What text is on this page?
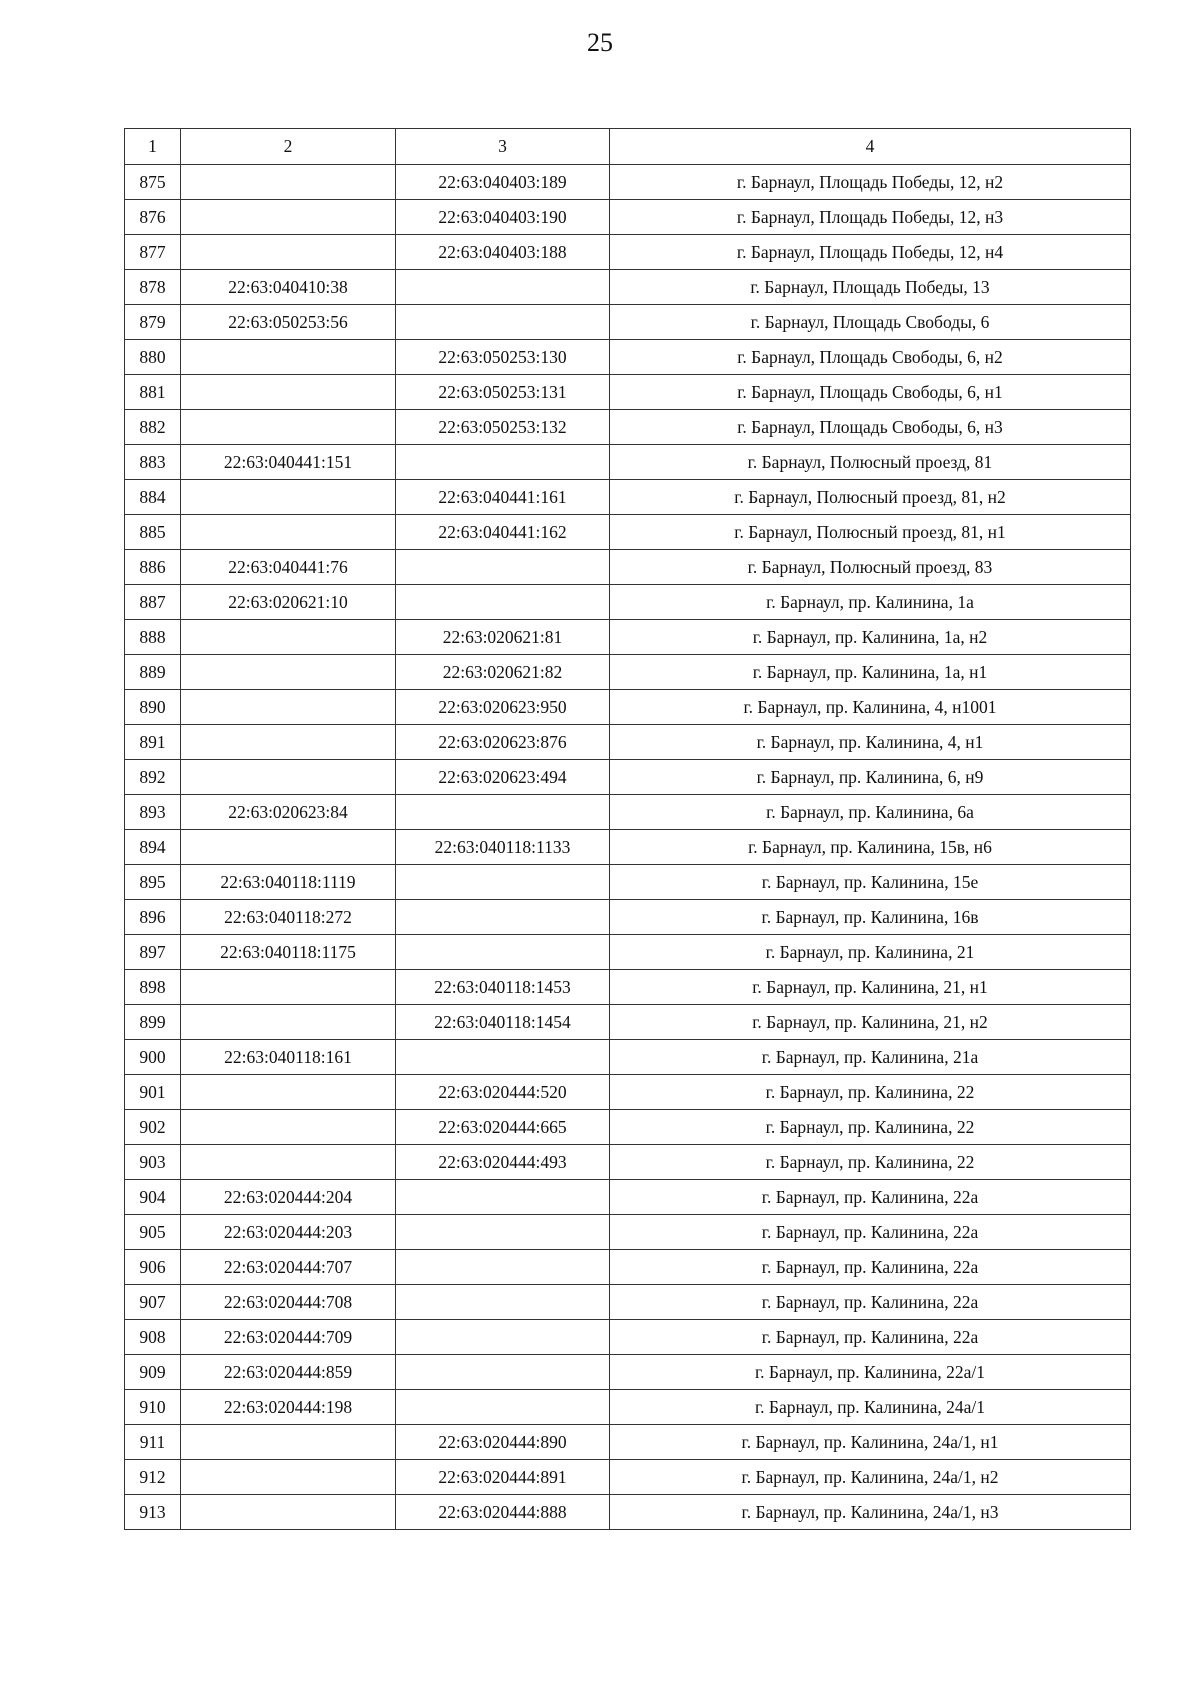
25
1	2	3	4
875		22:63:040403:189	г. Барнаул, Площадь Победы, 12, н2
876		22:63:040403:190	г. Барнаул, Площадь Победы, 12, н3
877		22:63:040403:188	г. Барнаул, Площадь Победы, 12, н4
878	22:63:040410:38		г. Барнаул, Площадь Победы, 13
879	22:63:050253:56		г. Барнаул, Площадь Свободы, 6
880		22:63:050253:130	г. Барнаул, Площадь Свободы, 6, н2
881		22:63:050253:131	г. Барнаул, Площадь Свободы, 6, н1
882		22:63:050253:132	г. Барнаул, Площадь Свободы, 6, н3
883	22:63:040441:151		г. Барнаул, Полюсный проезд, 81
884		22:63:040441:161	г. Барнаул, Полюсный проезд, 81, н2
885		22:63:040441:162	г. Барнаул, Полюсный проезд, 81, н1
886	22:63:040441:76		г. Барнаул, Полюсный проезд, 83
887	22:63:020621:10		г. Барнаул, пр. Калинина, 1а
888		22:63:020621:81	г. Барнаул, пр. Калинина, 1а, н2
889		22:63:020621:82	г. Барнаул, пр. Калинина, 1а, н1
890		22:63:020623:950	г. Барнаул, пр. Калинина, 4, н1001
891		22:63:020623:876	г. Барнаул, пр. Калинина, 4, н1
892		22:63:020623:494	г. Барнаул, пр. Калинина, 6, н9
893	22:63:020623:84		г. Барнаул, пр. Калинина, 6а
894		22:63:040118:1133	г. Барнаул, пр. Калинина, 15в, н6
895	22:63:040118:1119		г. Барнаул, пр. Калинина, 15е
896	22:63:040118:272		г. Барнаул, пр. Калинина, 16в
897	22:63:040118:1175		г. Барнаул, пр. Калинина, 21
898		22:63:040118:1453	г. Барнаул, пр. Калинина, 21, н1
899		22:63:040118:1454	г. Барнаул, пр. Калинина, 21, н2
900	22:63:040118:161		г. Барнаул, пр. Калинина, 21а
901		22:63:020444:520	г. Барнаул, пр. Калинина, 22
902		22:63:020444:665	г. Барнаул, пр. Калинина, 22
903		22:63:020444:493	г. Барнаул, пр. Калинина, 22
904	22:63:020444:204		г. Барнаул, пр. Калинина, 22а
905	22:63:020444:203		г. Барнаул, пр. Калинина, 22а
906	22:63:020444:707		г. Барнаул, пр. Калинина, 22а
907	22:63:020444:708		г. Барнаул, пр. Калинина, 22а
908	22:63:020444:709		г. Барнаул, пр. Калинина, 22а
909	22:63:020444:859		г. Барнаул, пр. Калинина, 22а/1
910	22:63:020444:198		г. Барнаул, пр. Калинина, 24а/1
911		22:63:020444:890	г. Барнаул, пр. Калинина, 24а/1, н1
912		22:63:020444:891	г. Барнаул, пр. Калинина, 24а/1, н2
913		22:63:020444:888	г. Барнаул, пр. Калинина, 24а/1, н3
